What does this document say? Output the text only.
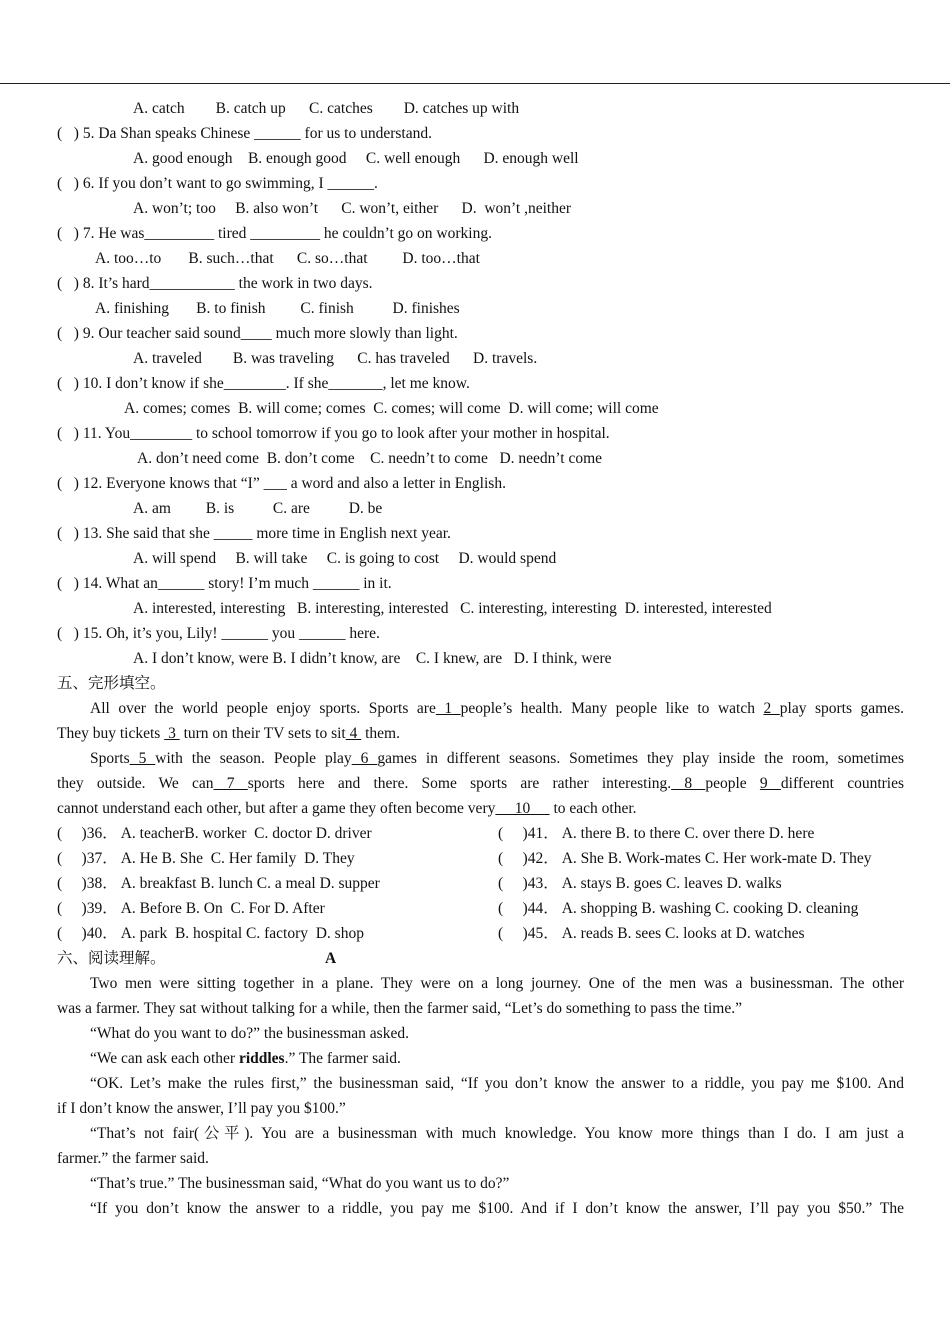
A. catch        B. catch up      C. catches        D. catches up with
(   ) 5. Da Shan speaks Chinese ______ for us to understand.
A. good enough    B. enough good     C. well enough      D. enough well
(   ) 6. If you don’t want to go swimming, I ______.
A. won’t; too     B. also won’t      C. won’t, either      D.  won’t ,neither
(   ) 7. He was_________ tired _________ he couldn’t go on working.
A. too…to       B. such…that      C. so…that         D. too…that
(   ) 8. It’s hard___________ the work in two days.
A. finishing       B. to finish         C. finish          D. finishes
(   ) 9. Our teacher said sound____ much more slowly than light.
A. traveled        B. was traveling      C. has traveled      D. travels.
(   ) 10. I don’t know if she________. If she_______, let me know.
A. comes; comes  B. will come; comes  C. comes; will come  D. will come; will come
(   ) 11. You________ to school tomorrow if you go to look after your mother in hospital.
A. don’t need come  B. don’t come    C. needn’t to come   D. needn’t come
(   ) 12. Everyone knows that “I” ___ a word and also a letter in English.
A. am         B. is          C. are          D. be
(   ) 13. She said that she _____ more time in English next year.
A. will spend     B. will take     C. is going to cost     D. would spend
(   ) 14. What an______ story! I’m much ______ in it.
A. interested, interesting   B. interesting, interested   C. interesting, interesting  D. interested, interested
(   ) 15. Oh, it’s you, Lily! ______ you ______ here.
A. I don’t know, were B. I didn’t know, are    C. I knew, are   D. I think, were
五、完形填空。
All over the world people enjoy sports. Sports are 1 people’s health. Many people like to watch 2 play sports games.
They buy tickets  3  turn on their TV sets to sit 4  them.
Sports 5 with the season. People play 6 games in different seasons. Sometimes they play inside the room, sometimes
they outside. We can 7 sports here and there. Some sports are rather interesting. 8 people 9 different countries
cannot understand each other, but after a game they often become very     10      to each other.
(     )36． A. teacherB. worker  C. doctor D. driver
(     )37． A. He B. She  C. Her family  D. They
(     )38． A. breakfast B. lunch C. a meal D. supper
(     )39． A. Before B. On  C. For D. After
(     )40． A. park  B. hospital C. factory  D. shop
(     )41． A. there B. to there C. over there D. here
(     )42． A. She B. Work-mates C. Her work-mate D. They
(     )43． A. stays B. goes C. leaves D. walks
(     )44． A. shopping B. washing C. cooking D. cleaning
(     )45． A. reads B. sees C. looks at D. watches
六、阅读理解。	A
Two men were sitting together in a plane. They were on a long journey. One of the men was a businessman. The other
was a farmer. They sat without talking for a while, then the farmer said, “Let’s do something to pass the time.”
“What do you want to do?” the businessman asked.
“We can ask each other riddles.” The farmer said.
“OK. Let’s make the rules first,” the businessman said, “If you don’t know the answer to a riddle, you pay me $100. And
if I don’t know the answer, I’ll pay you $100.”
“That’s not fair(公平). You are a businessman with much knowledge. You know more things than I do. I am just a
farmer.” the farmer said.
“That’s true.” The businessman said, “What do you want us to do?”
“If you don’t know the answer to a riddle, you pay me $100. And if I don’t know the answer, I’ll pay you $50.” The
